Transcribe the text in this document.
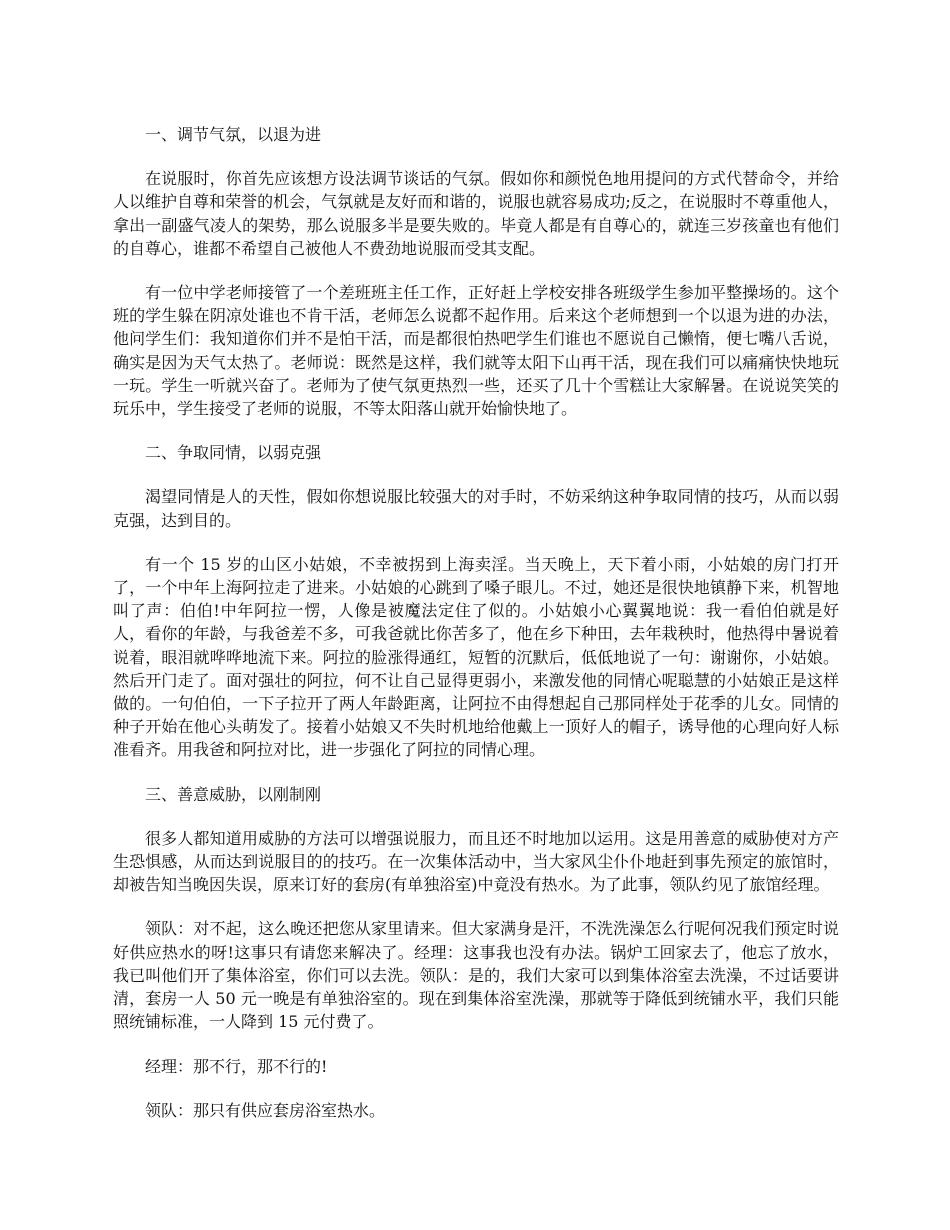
一、调节气氛，以退为进

在说服时，你首先应该想方设法调节谈话的气氛。假如你和颜悦色地用提问的方式代替命令，并给人以维护自尊和荣誉的机会，气氛就是友好而和谐的，说服也就容易成功;反之，在说服时不尊重他人，拿出一副盛气凌人的架势，那么说服多半是要失败的。毕竟人都是有自尊心的，就连三岁孩童也有他们的自尊心，谁都不希望自己被他人不费劲地说服而受其支配。

有一位中学老师接管了一个差班班主任工作，正好赶上学校安排各班级学生参加平整操场的。这个班的学生躲在阴凉处谁也不肯干活，老师怎么说都不起作用。后来这个老师想到一个以退为进的办法，他问学生们：我知道你们并不是怕干活，而是都很怕热吧学生们谁也不愿说自己懒惰，便七嘴八舌说，确实是因为天气太热了。老师说：既然是这样，我们就等太阳下山再干活，现在我们可以痛痛快快地玩一玩。学生一听就兴奋了。老师为了使气氛更热烈一些，还买了几十个雪糕让大家解暑。在说说笑笑的玩乐中，学生接受了老师的说服，不等太阳落山就开始愉快地了。

二、争取同情，以弱克强

渴望同情是人的天性，假如你想说服比较强大的对手时，不妨采纳这种争取同情的技巧，从而以弱克强，达到目的。

有一个 15 岁的山区小姑娘，不幸被拐到上海卖淫。当天晚上，天下着小雨，小姑娘的房门打开了，一个中年上海阿拉走了进来。小姑娘的心跳到了嗓子眼儿。不过，她还是很快地镇静下来，机智地叫了声：伯伯!中年阿拉一愣，人像是被魔法定住了似的。小姑娘小心翼翼地说：我一看伯伯就是好人，看你的年龄，与我爸差不多，可我爸就比你苦多了，他在乡下种田，去年栽秧时，他热得中暑说着说着，眼泪就哗哗地流下来。阿拉的脸涨得通红，短暂的沉默后，低低地说了一句：谢谢你，小姑娘。然后开门走了。面对强壮的阿拉，何不让自己显得更弱小，来激发他的同情心呢聪慧的小姑娘正是这样做的。一句伯伯，一下子拉开了两人年龄距离，让阿拉不由得想起自己那同样处于花季的儿女。同情的种子开始在他心头萌发了。接着小姑娘又不失时机地给他戴上一顶好人的帽子，诱导他的心理向好人标准看齐。用我爸和阿拉对比，进一步强化了阿拉的同情心理。

三、善意威胁，以刚制刚

很多人都知道用威胁的方法可以增强说服力，而且还不时地加以运用。这是用善意的威胁使对方产生恐惧感，从而达到说服目的的技巧。在一次集体活动中，当大家风尘仆仆地赶到事先预定的旅馆时，却被告知当晚因失误，原来订好的套房(有单独浴室)中竟没有热水。为了此事，领队约见了旅馆经理。

领队：对不起，这么晚还把您从家里请来。但大家满身是汗，不洗洗澡怎么行呢何况我们预定时说好供应热水的呀!这事只有请您来解决了。经理：这事我也没有办法。锅炉工回家去了，他忘了放水，我已叫他们开了集体浴室，你们可以去洗。领队：是的，我们大家可以到集体浴室去洗澡，不过话要讲清，套房一人 50 元一晚是有单独浴室的。现在到集体浴室洗澡，那就等于降低到统铺水平，我们只能照统铺标准，一人降到 15 元付费了。

经理：那不行，那不行的!

领队：那只有供应套房浴室热水。
